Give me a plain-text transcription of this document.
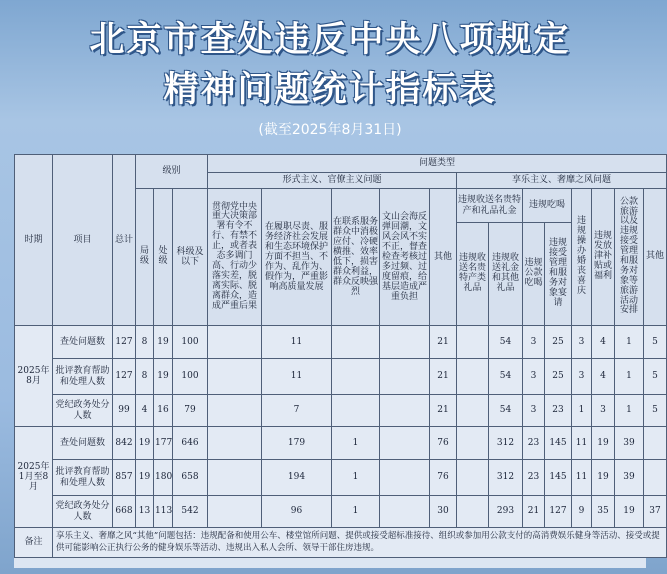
北京市查处违反中央八项规定
精神问题统计指标表
(截至2025年8月31日)
时期	项目	总计	级别			问题类型												
						形式主义、官僚主义问题					享乐主义、奢靡之风问题							
			局级	处级	科级及以下	贯彻党中央重大决策部署有令不行、有禁不止，或者表态多调门高、行动少落实差，脱离实际、脱离群众，造成严重后果	在履职尽责、服务经济社会发展和生态环境保护方面不担当、不作为、乱作为、假作为，严重影响高质量发展	在联系服务群众中消极应付、冷硬横推、效率低下，损害群众利益，群众反映强烈	文山会海反弹回潮，文风会风不实不正，督查检查考核过多过频、过度留痕，给基层造成严重负担	其他	违规收送名贵特产和礼品礼金		违规吃喝		违规操办婚丧喜庆	违规发放津补贴或福利	公款旅游以及违规接受管理和服务对象等旅游活动安排	其他
											违规收送名贵特产类礼品	违规收送礼金和其他礼品	违规公款吃喝	违规接受管理和服务对象宴请				
2025年8月	查处问题数	127	8	19	100		11			21		54	3	25	3	4	1	5
	批评教育帮助和处理人数	127	8	19	100		11			21		54	3	25	3	4	1	5
	党纪政务处分人数	99	4	16	79		7			21		54	3	23	1	3	1	5
2025年1月至8月	查处问题数	842	19	177	646		179	1		76		312	23	145	11	19	39	
	批评教育帮助和处理人数	857	19	180	658		194	1		76		312	23	145	11	19	39	
	党纪政务处分人数	668	13	113	542		96	1		30		293	21	127	9	35	19	37
备注	享乐主义、奢靡之风“其他”问题包括：违规配备和使用公车、楼堂馆所问题、提供或接受超标准接待、组织或参加用公款支付的高消费娱乐健身等活动、接受或提供可能影响公正执行公务的健身娱乐等活动、违规出入私人会所、领导干部住房违规。																	
